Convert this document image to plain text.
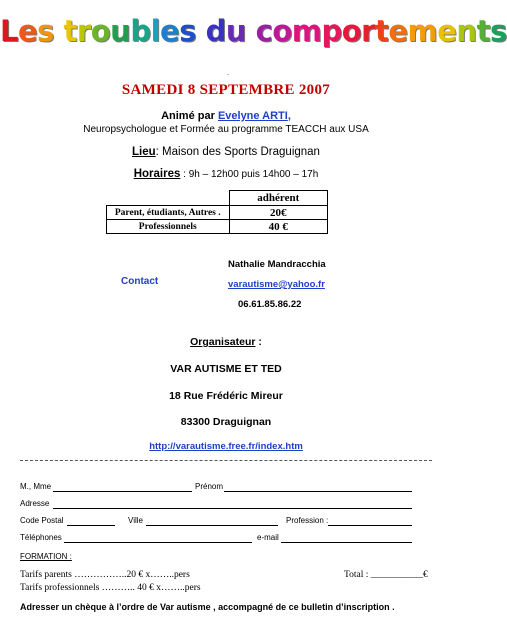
Les troubles du comportements
.
SAMEDI 8 SEPTEMBRE 2007
Animé par Evelyne ARTI,
Neuropsychologue et Formée au programme TEACCH aux USA
Lieu: Maison des Sports Draguignan
Horaires : 9h – 12h00 puis 14h00 – 17h
	adhérent
Parent, étudiants, Autres .	20€
Professionnels	40 €
Contact
Nathalie Mandracchia
varautisme@yahoo.fr
06.61.85.86.22
Organisateur :
VAR AUTISME ET TED
18 Rue Frédéric Mireur
83300 Draguignan
http://varautisme.free.fr/index.htm
M., Mme	Prénom
Adresse
Code Postal	Ville	Profession :
Téléphones	e-mail
FORMATION :
Tarifs parents ……………..20 € x……..pers
Tarifs professionnels ……….. 40 € x……..pers
Total : ___________€
Adresser un chèque à l’ordre de Var autisme , accompagné de ce bulletin d’inscription .
